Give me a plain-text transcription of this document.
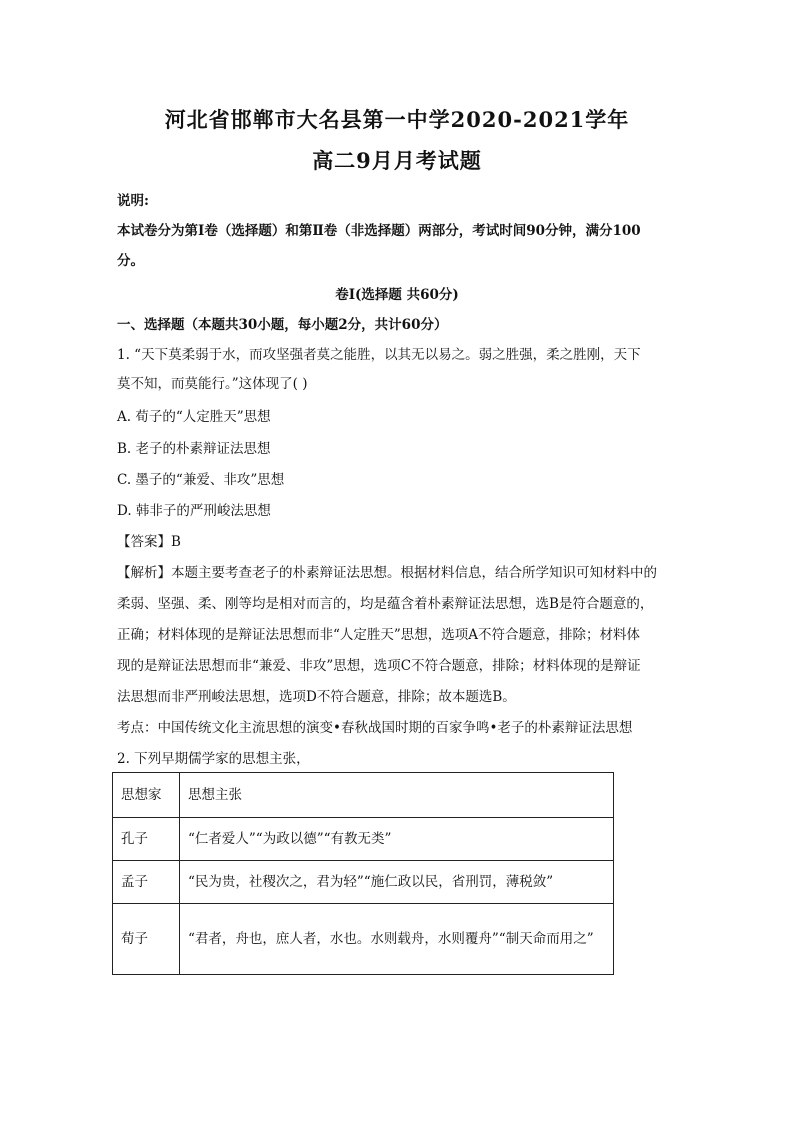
河北省邯郸市大名县第一中学2020-2021学年
高二9月月考试题
说明:
本试卷分为第Ⅰ卷（选择题）和第Ⅱ卷（非选择题）两部分，考试时间90分钟，满分100
分。
卷Ⅰ(选择题 共60分)
一、选择题（本题共30小题，每小题2分，共计60分）
1. “天下莫柔弱于水，而攻坚强者莫之能胜，以其无以易之。弱之胜强，柔之胜刚，天下
莫不知，而莫能行。”这体现了( )
A. 荀子的“人定胜天”思想
B. 老子的朴素辩证法思想
C. 墨子的“兼爱、非攻”思想
D. 韩非子的严刑峻法思想
【答案】B
【解析】本题主要考查老子的朴素辩证法思想。根据材料信息，结合所学知识可知材料中的
柔弱、坚强、柔、刚等均是相对而言的，均是蕴含着朴素辩证法思想，选B是符合题意的，
正确；材料体现的是辩证法思想而非“人定胜天”思想，选项A不符合题意，排除；材料体
现的是辩证法思想而非“兼爱、非攻”思想，选项C不符合题意，排除；材料体现的是辩证
法思想而非严刑峻法思想，选项D不符合题意，排除；故本题选B。
考点：中国传统文化主流思想的演变•春秋战国时期的百家争鸣•老子的朴素辩证法思想
2. 下列早期儒学家的思想主张，
思想家	思想主张
孔子	“仁者爱人”“为政以德”“有教无类”
孟子	“民为贵，社稷次之，君为轻”“施仁政以民，省刑罚，薄税敛”
荀子	“君者，舟也，庶人者，水也。水则载舟，水则覆舟”“制天命而用之”
